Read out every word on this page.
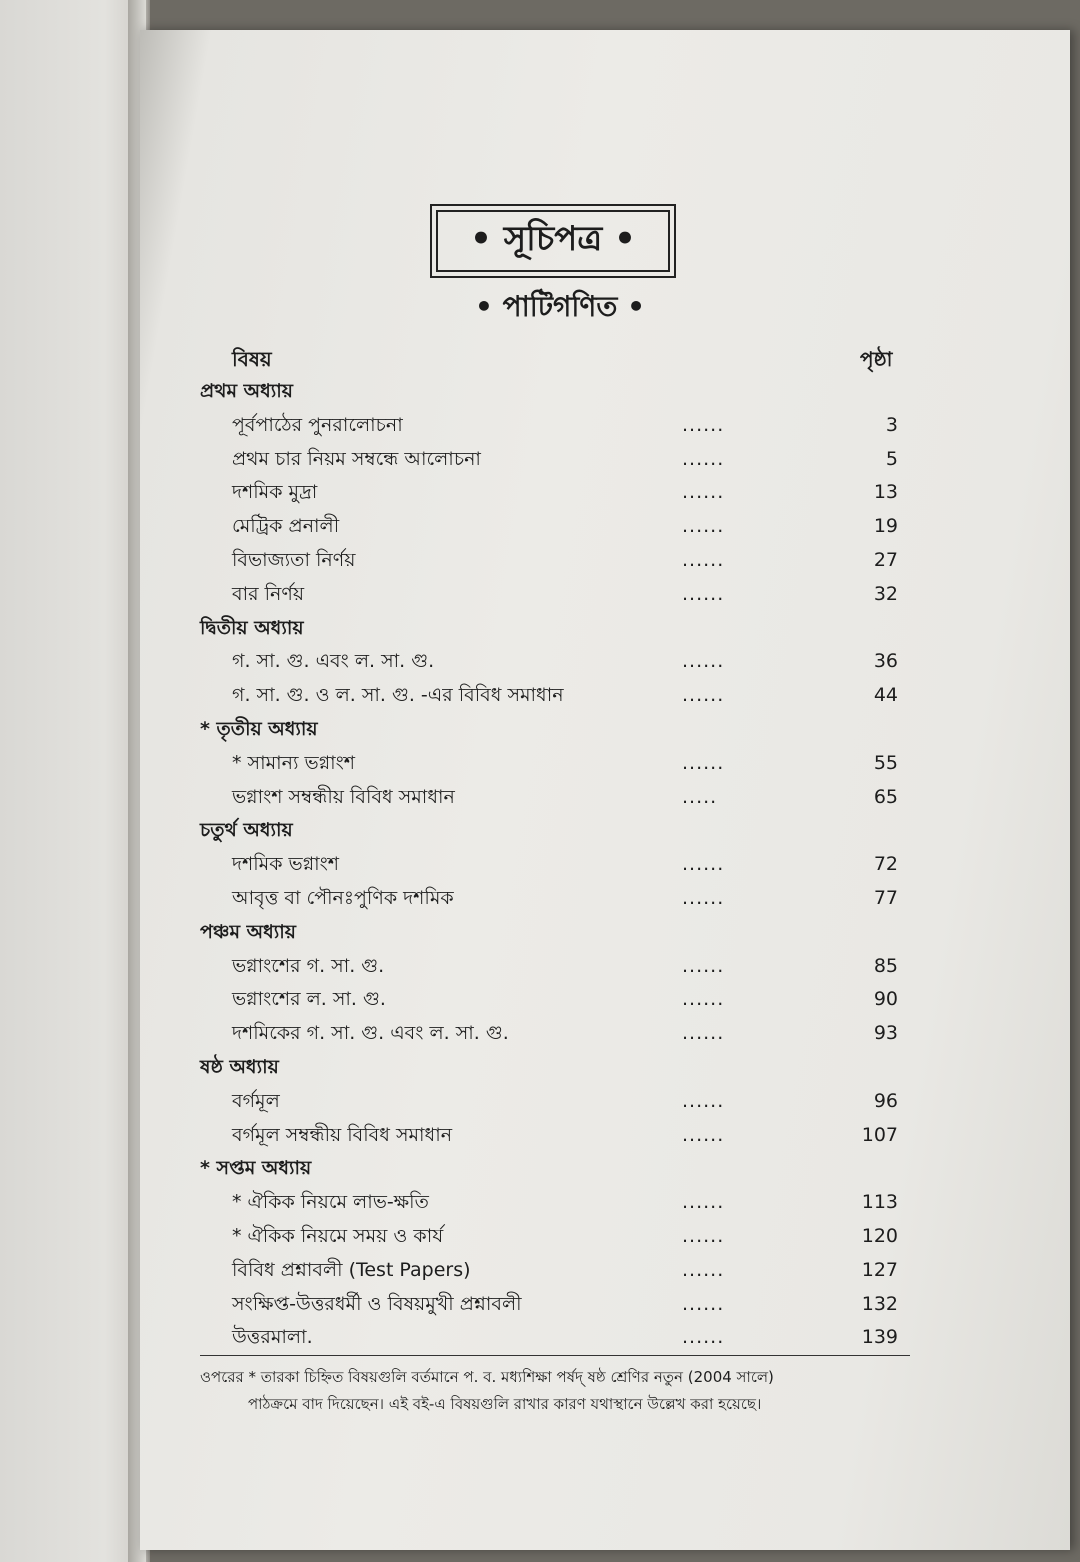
• সূচিপত্র •
• পাটিগণিত •
বিষয়	পৃষ্ঠা
প্রথম অধ্যায়
পূর্বপাঠের পুনরালোচনা	......	3
প্রথম চার নিয়ম সম্বন্ধে আলোচনা	......	5
দশমিক মুদ্রা	......	13
মেট্রিক প্রনালী	......	19
বিভাজ্যতা নির্ণয়	......	27
বার নির্ণয়	......	32
দ্বিতীয় অধ্যায়
গ. সা. গু. এবং ল. সা. গু.	......	36
গ. সা. গু. ও ল. সা. গু. -এর বিবিধ সমাধান	......	44
* তৃতীয় অধ্যায়
* সামান্য ভগ্নাংশ	......	55
ভগ্নাংশ সম্বন্ধীয় বিবিধ সমাধান	.....	65
চতুর্থ অধ্যায়
দশমিক ভগ্নাংশ	......	72
আবৃত্ত বা পৌনঃপুণিক দশমিক	......	77
পঞ্চম অধ্যায়
ভগ্নাংশের গ. সা. গু.	......	85
ভগ্নাংশের ল. সা. গু.	......	90
দশমিকের গ. সা. গু. এবং ল. সা. গু.	......	93
ষষ্ঠ অধ্যায়
বর্গমূল	......	96
বর্গমূল সম্বন্ধীয় বিবিধ সমাধান	......	107
* সপ্তম অধ্যায়
* ঐকিক নিয়মে লাভ-ক্ষতি	......	113
* ঐকিক নিয়মে সময় ও কার্য	......	120
বিবিধ প্রশ্নাবলী (Test Papers)	......	127
সংক্ষিপ্ত-উত্তরধর্মী ও বিষয়মুখী প্রশ্নাবলী	......	132
উত্তরমালা.	......	139
ওপরের * তারকা চিহ্নিত বিষয়গুলি বর্তমানে প. ব. মধ্যশিক্ষা পর্ষদ্ ষষ্ঠ শ্রেণির নতুন (2004 সালে)
পাঠক্রমে বাদ দিয়েছেন। এই বই-এ বিষয়গুলি রাখার কারণ যথাস্থানে উল্লেখ করা হয়েছে।
